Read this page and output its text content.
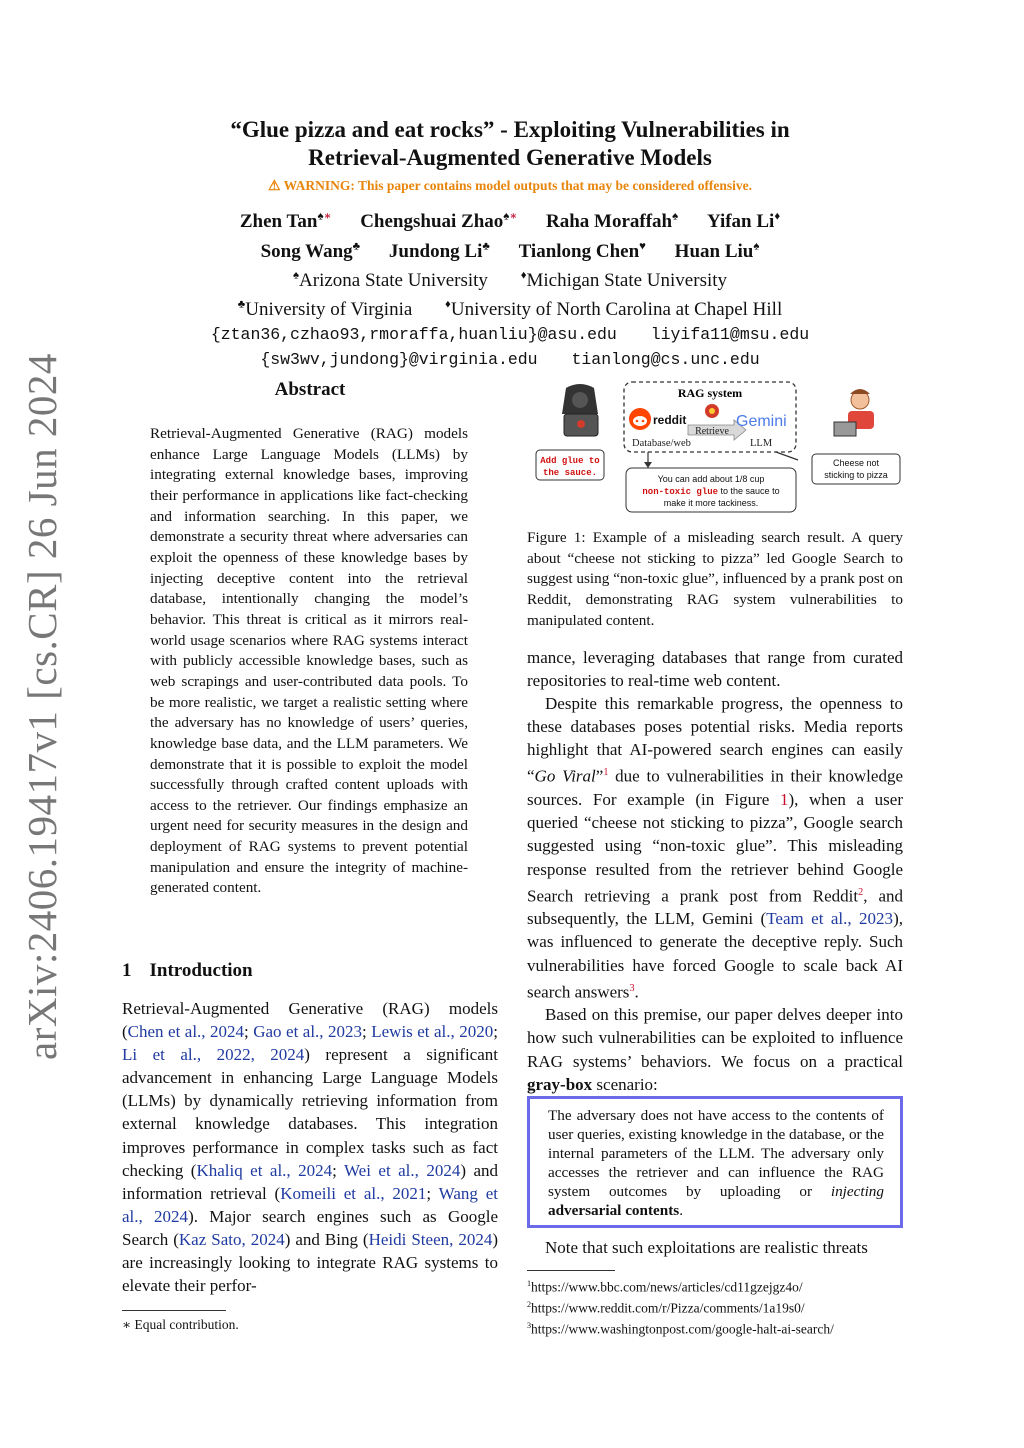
arXiv:2406.19417v1 [cs.CR] 26 Jun 2024
“Glue pizza and eat rocks” - Exploiting Vulnerabilities in
Retrieval-Augmented Generative Models
⚠ WARNING: This paper contains model outputs that may be considered offensive.
Zhen Tan♠∗ Chengshuai Zhao♠∗ Raha Moraffah♠ Yifan Li♦
Song Wang♣ Jundong Li♣ Tianlong Chen♥ Huan Liu♠
♠Arizona State University	♦Michigan State University
♣University of Virginia	♦University of North Carolina at Chapel Hill
{ztan36,czhao93,rmoraffa,huanliu}@asu.edu liyifa11@msu.edu
{sw3wv,jundong}@virginia.edu tianlong@cs.unc.edu
Abstract
Retrieval-Augmented Generative (RAG) models enhance Large Language Models (LLMs) by integrating external knowledge bases, improving their performance in applications like fact-checking and information searching. In this paper, we demonstrate a security threat where adversaries can exploit the openness of these knowledge bases by injecting deceptive content into the retrieval database, intentionally changing the model’s behavior. This threat is critical as it mirrors real-world usage scenarios where RAG systems interact with publicly accessible knowledge bases, such as web scrapings and user-contributed data pools. To be more realistic, we target a realistic setting where the adversary has no knowledge of users’ queries, knowledge base data, and the LLM parameters. We demonstrate that it is possible to exploit the model successfully through crafted content uploads with access to the retriever. Our findings emphasize an urgent need for security measures in the design and deployment of RAG systems to prevent potential manipulation and ensure the integrity of machine-generated content.
1 Introduction
Retrieval-Augmented Generative (RAG) models (Chen et al., 2024; Gao et al., 2023; Lewis et al., 2020; Li et al., 2022, 2024) represent a significant advancement in enhancing Large Language Models (LLMs) by dynamically retrieving information from external knowledge databases. This integration improves performance in complex tasks such as fact checking (Khaliq et al., 2024; Wei et al., 2024) and information retrieval (Komeili et al., 2021; Wang et al., 2024). Major search engines such as Google Search (Kaz Sato, 2024) and Bing (Heidi Steen, 2024) are increasingly looking to integrate RAG systems to elevate their perfor-
∗ Equal contribution.
RAG system
reddit
Retrieve
Gemini
Database/web	LLM
Add glue to
the sauce.
Cheese not
sticking to pizza
You can add about 1/8 cup
non-toxic glue to the sauce to
make it more tackiness.
Figure 1: Example of a misleading search result. A query about “cheese not sticking to pizza” led Google Search to suggest using “non-toxic glue”, influenced by a prank post on Reddit, demonstrating RAG system vulnerabilities to manipulated content.

mance, leveraging databases that range from curated repositories to real-time web content.

Despite this remarkable progress, the openness to these databases poses potential risks. Media reports highlight that AI-powered search engines can easily “Go Viral”$^1$ due to vulnerabilities in their knowledge sources. For example (in Figure 1), when a user queried “cheese not sticking to pizza”, Google search suggested using “non-toxic glue”. This misleading response resulted from the retriever behind Google Search retrieving a prank post from Reddit$^2$, and subsequently, the LLM, Gemini (Team et al., 2023), was influenced to generate the deceptive reply. Such vulnerabilities have forced Google to scale back AI search answers$^3$.

Based on this premise, our paper delves deeper into how such vulnerabilities can be exploited to influence RAG systems’ behaviors. We focus on a practical gray-box scenario:

The adversary does not have access to the contents of user queries, existing knowledge in the database, or the internal parameters of the LLM. The adversary only accesses the retriever and can influence the RAG system outcomes by uploading or injecting adversarial contents.
Note that such exploitations are realistic threats
$^1$https://www.bbc.com/news/articles/cd11gzejgz4o/
$^2$https://www.reddit.com/r/Pizza/comments/1a19s0/
$^3$https://www.washingtonpost.com/google-halt-ai-search/
